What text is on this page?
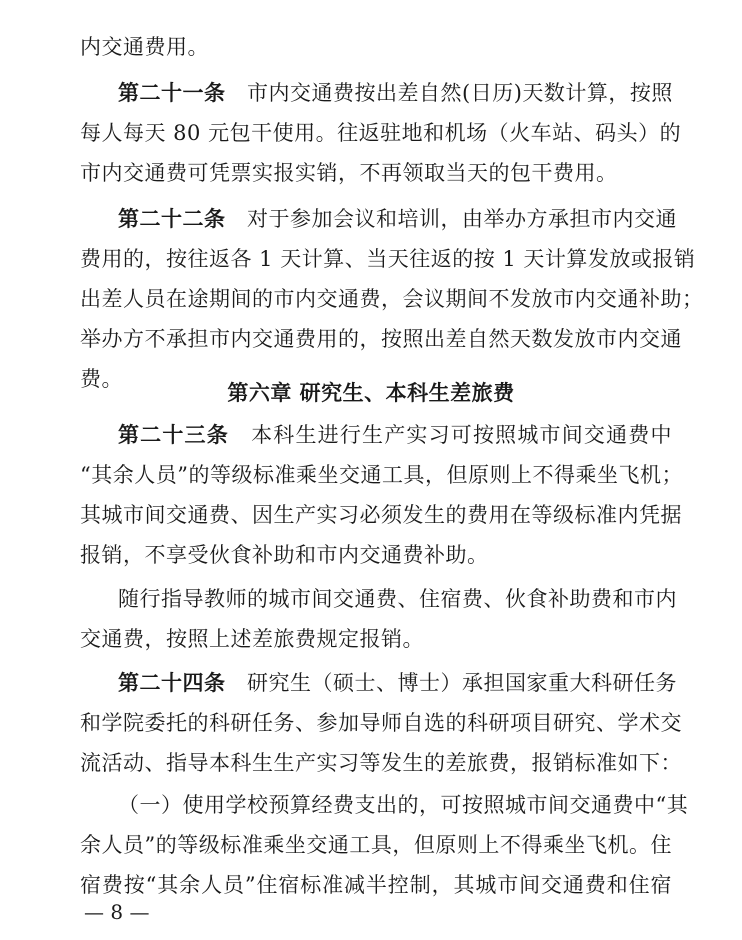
内交通费用。
第二十一条  市内交通费按出差自然(日历)天数计算，按照
每人每天 80 元包干使用。往返驻地和机场（火车站、码头）的
市内交通费可凭票实报实销，不再领取当天的包干费用。
第二十二条  对于参加会议和培训，由举办方承担市内交通
费用的，按往返各 1 天计算、当天往返的按 1 天计算发放或报销
出差人员在途期间的市内交通费，会议期间不发放市内交通补助；
举办方不承担市内交通费用的，按照出差自然天数发放市内交通
费。
第六章 研究生、本科生差旅费
第二十三条  本科生进行生产实习可按照城市间交通费中
“其余人员”的等级标准乘坐交通工具，但原则上不得乘坐飞机；
其城市间交通费、因生产实习必须发生的费用在等级标准内凭据
报销，不享受伙食补助和市内交通费补助。
随行指导教师的城市间交通费、住宿费、伙食补助费和市内
交通费，按照上述差旅费规定报销。
第二十四条  研究生（硕士、博士）承担国家重大科研任务
和学院委托的科研任务、参加导师自选的科研项目研究、学术交
流活动、指导本科生生产实习等发生的差旅费，报销标准如下：
（一）使用学校预算经费支出的，可按照城市间交通费中“其
余人员”的等级标准乘坐交通工具，但原则上不得乘坐飞机。住
宿费按“其余人员”住宿标准减半控制，其城市间交通费和住宿
— 8 —
